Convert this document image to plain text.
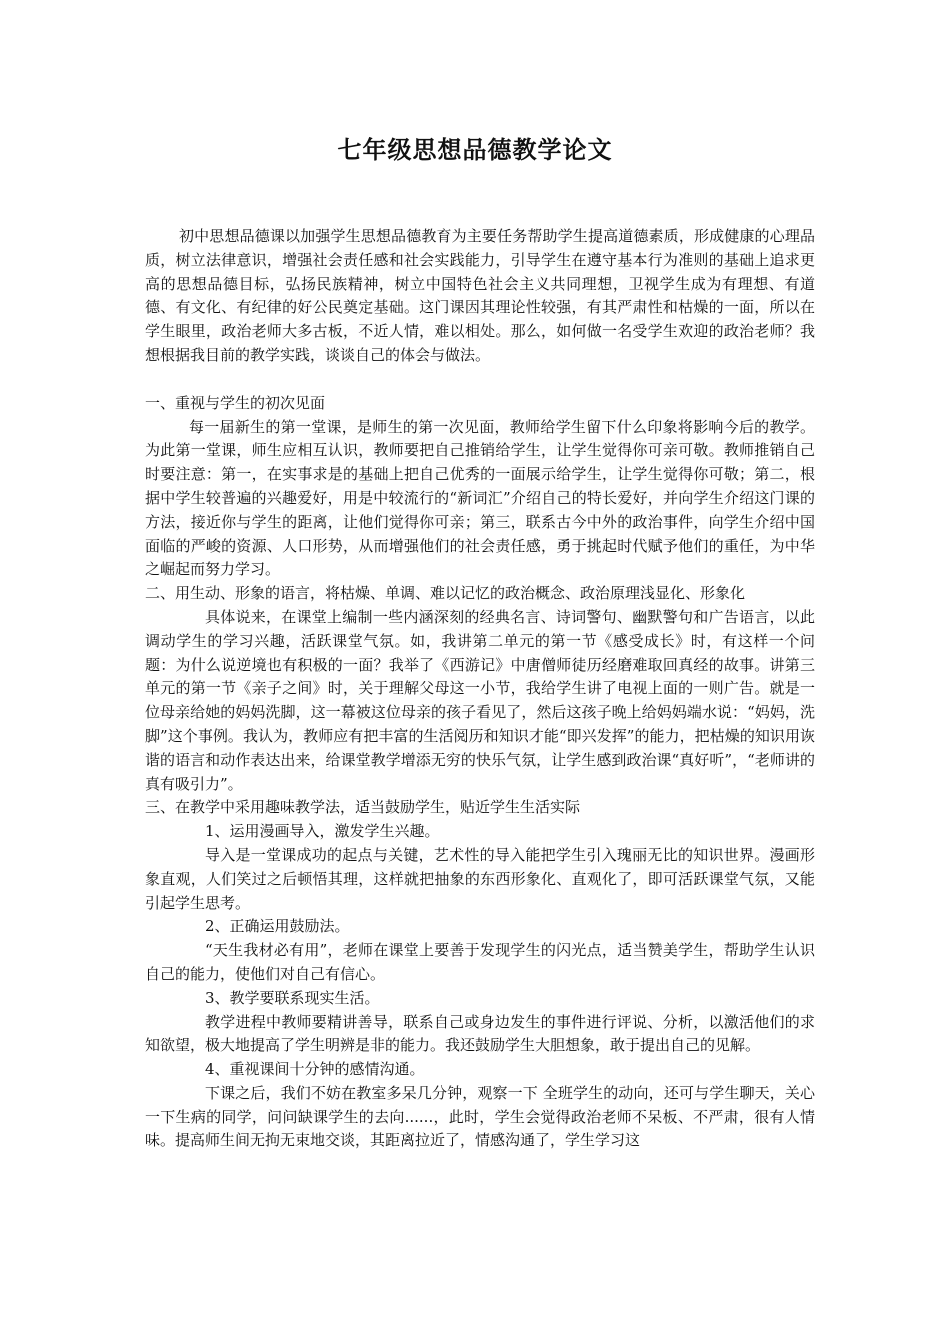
七年级思想品德教学论文

初中思想品德课以加强学生思想品德教育为主要任务帮助学生提高道德素质，形成健康的心理品质，树立法律意识，增强社会责任感和社会实践能力，引导学生在遵守基本行为准则的基础上追求更高的思想品德目标，弘扬民族精神，树立中国特色社会主义共同理想，卫视学生成为有理想、有道德、有文化、有纪律的好公民奠定基础。这门课因其理论性较强，有其严肃性和枯燥的一面，所以在学生眼里，政治老师大多古板，不近人情，难以相处。那么，如何做一名受学生欢迎的政治老师？我想根据我目前的教学实践，谈谈自己的体会与做法。

一、重视与学生的初次见面

每一届新生的第一堂课，是师生的第一次见面，教师给学生留下什么印象将影响今后的教学。为此第一堂课，师生应相互认识，教师要把自己推销给学生，让学生觉得你可亲可敬。教师推销自己时要注意：第一，在实事求是的基础上把自己优秀的一面展示给学生，让学生觉得你可敬；第二，根据中学生较普遍的兴趣爱好，用是中较流行的“新词汇”介绍自己的特长爱好，并向学生介绍这门课的方法，接近你与学生的距离，让他们觉得你可亲；第三，联系古今中外的政治事件，向学生介绍中国面临的严峻的资源、人口形势，从而增强他们的社会责任感，勇于挑起时代赋予他们的重任，为中华之崛起而努力学习。

二、用生动、形象的语言，将枯燥、单调、难以记忆的政治概念、政治原理浅显化、形象化

具体说来，在课堂上编制一些内涵深刻的经典名言、诗词警句、幽默警句和广告语言，以此调动学生的学习兴趣，活跃课堂气氛。如，我讲第二单元的第一节《感受成长》时，有这样一个问题：为什么说逆境也有积极的一面？我举了《西游记》中唐僧师徒历经磨难取回真经的故事。讲第三单元的第一节《亲子之间》时，关于理解父母这一小节，我给学生讲了电视上面的一则广告。就是一位母亲给她的妈妈洗脚，这一幕被这位母亲的孩子看见了，然后这孩子晚上给妈妈端水说：“妈妈，洗脚”这个事例。我认为，教师应有把丰富的生活阅历和知识才能“即兴发挥”的能力，把枯燥的知识用诙谐的语言和动作表达出来，给课堂教学增添无穷的快乐气氛，让学生感到政治课“真好听”，“老师讲的真有吸引力”。

三、在教学中采用趣味教学法，适当鼓励学生，贴近学生生活实际

1、运用漫画导入，激发学生兴趣。

导入是一堂课成功的起点与关键，艺术性的导入能把学生引入瑰丽无比的知识世界。漫画形象直观，人们笑过之后顿悟其理，这样就把抽象的东西形象化、直观化了，即可活跃课堂气氛，又能引起学生思考。

2、正确运用鼓励法。

“天生我材必有用”，老师在课堂上要善于发现学生的闪光点，适当赞美学生，帮助学生认识自己的能力，使他们对自己有信心。

3、教学要联系现实生活。

教学进程中教师要精讲善导，联系自己或身边发生的事件进行评说、分析，以激活他们的求知欲望，极大地提高了学生明辨是非的能力。我还鼓励学生大胆想象，敢于提出自己的见解。

4、重视课间十分钟的感情沟通。

下课之后，我们不妨在教室多呆几分钟，观察一下 全班学生的动向，还可与学生聊天，关心一下生病的同学，问问缺课学生的去向......，此时，学生会觉得政治老师不呆板、不严肃，很有人情味。提高师生间无拘无束地交谈，其距离拉近了，情感沟通了，学生学习这
